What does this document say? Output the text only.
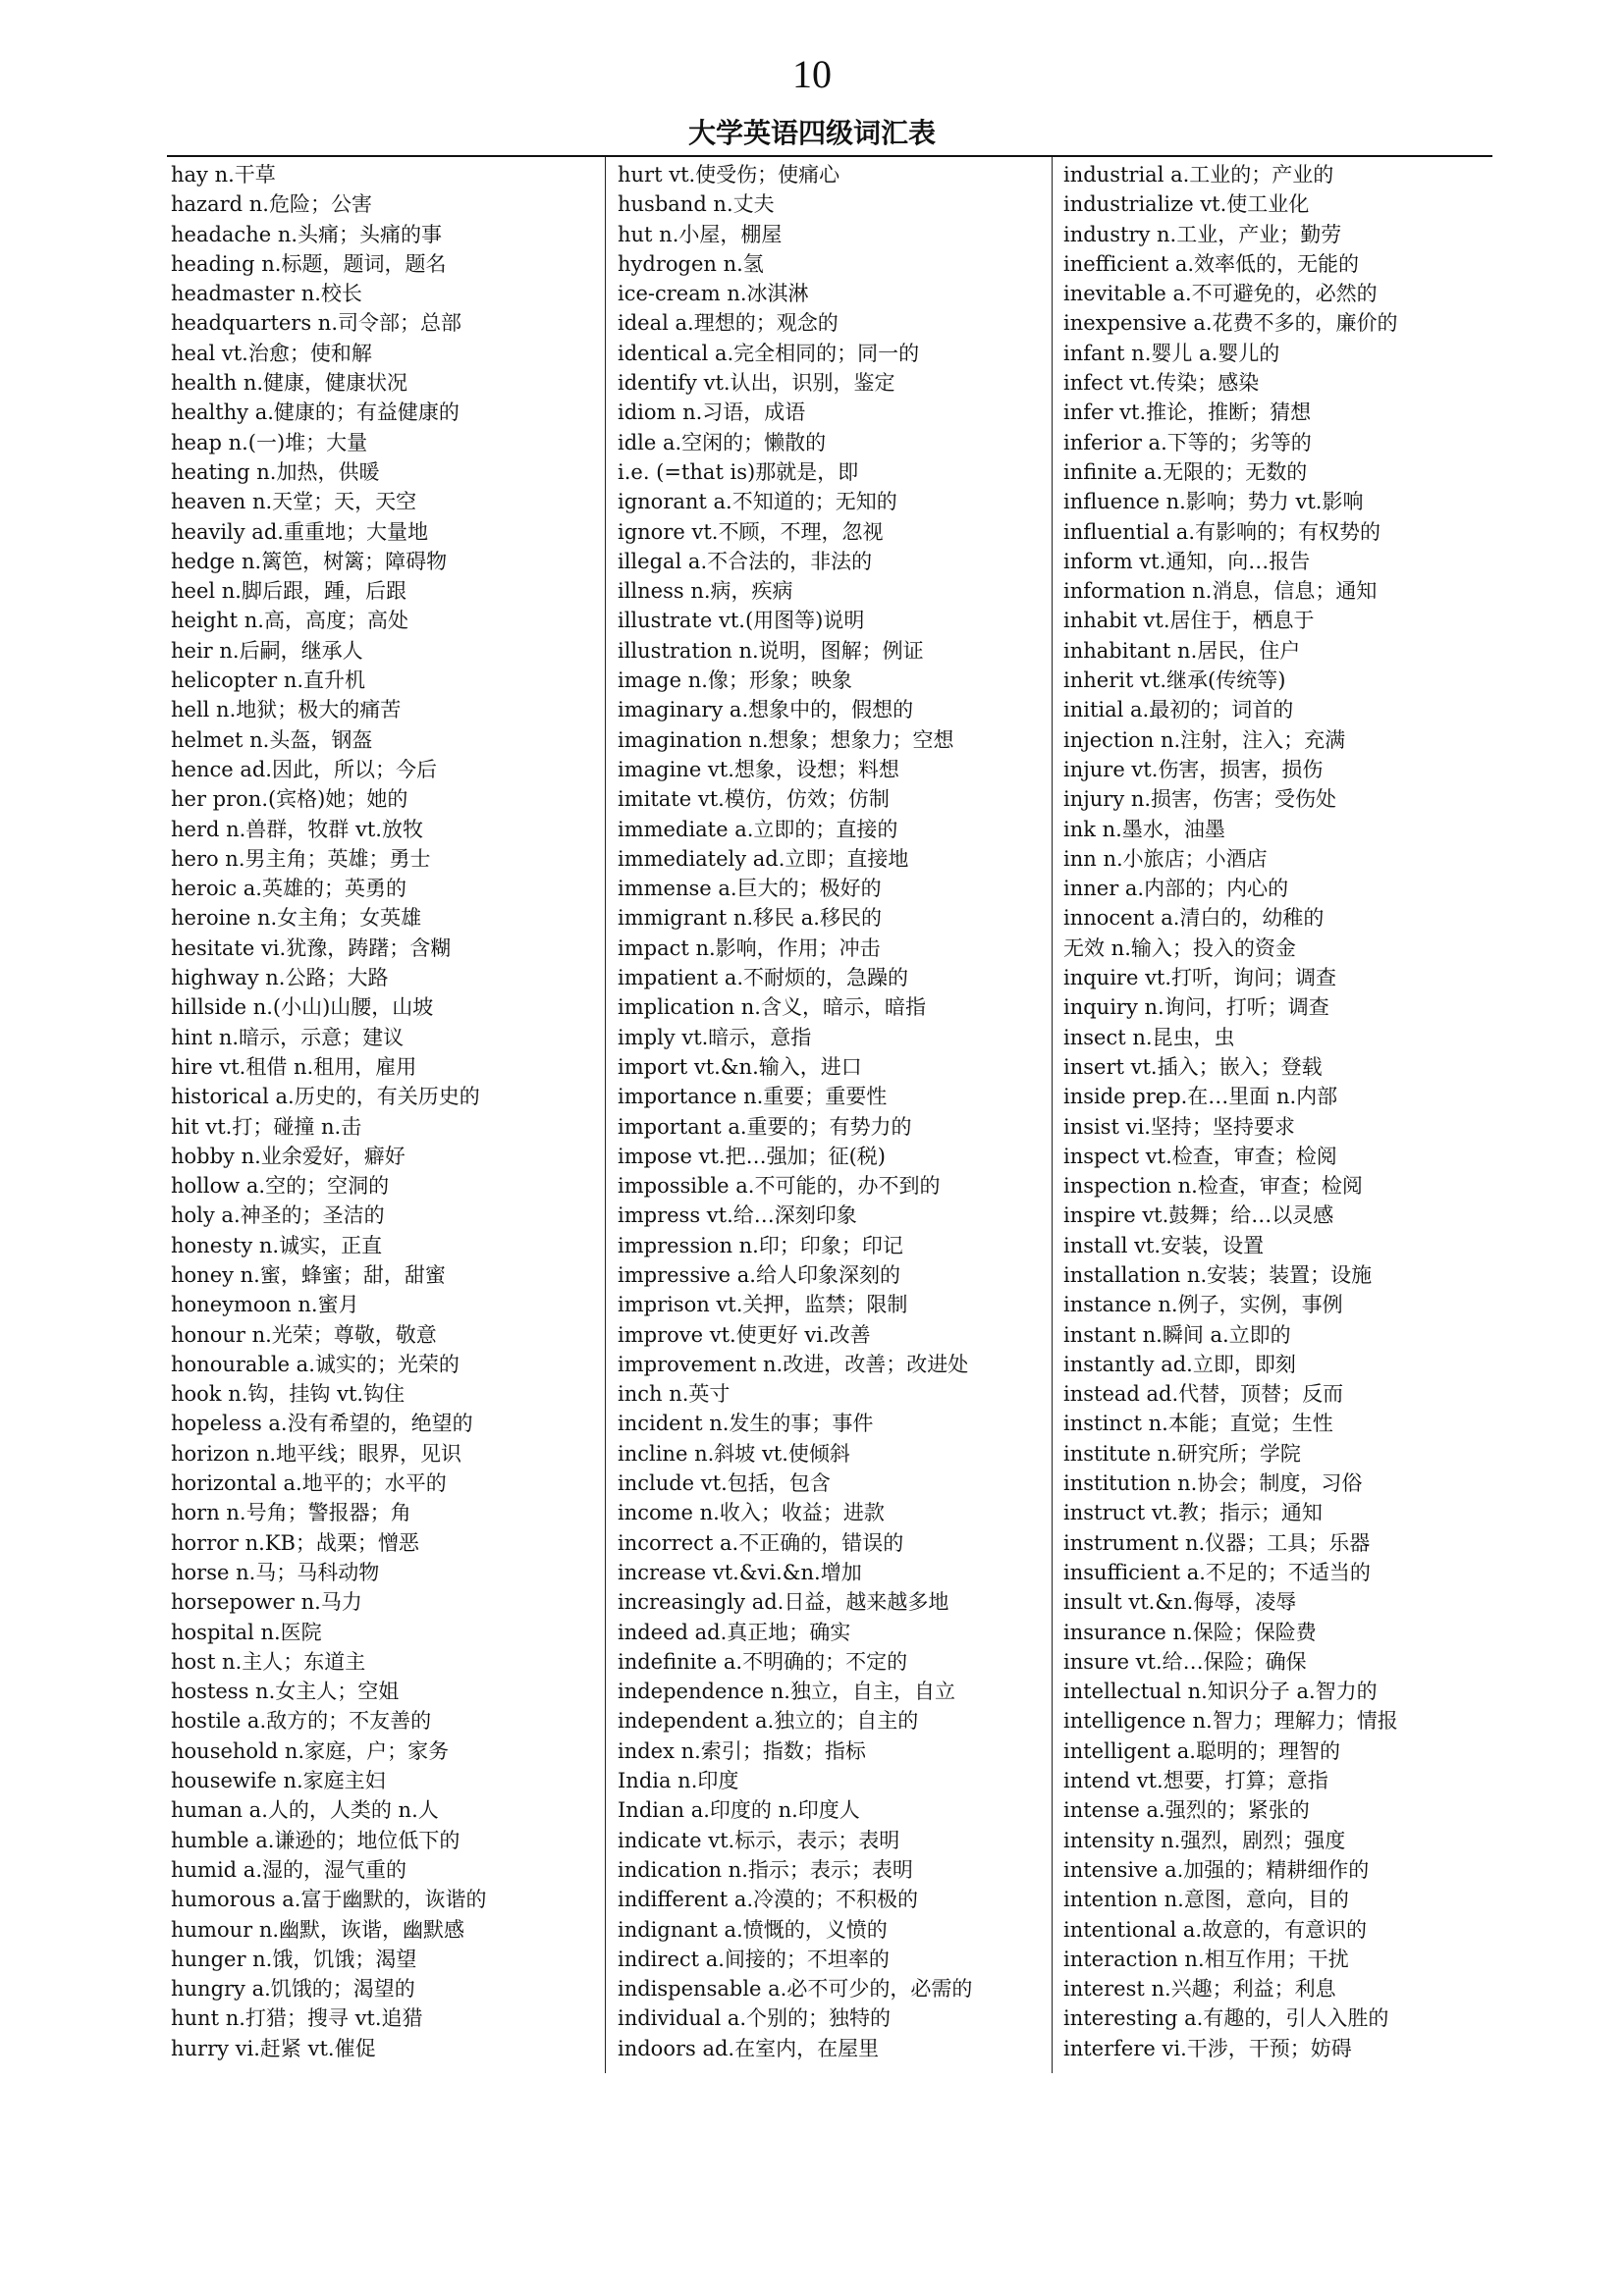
10
大学英语四级词汇表
hay n.干草
hazard n.危险；公害
headache n.头痛；头痛的事
heading n.标题，题词，题名
headmaster n.校长
headquarters n.司令部；总部
heal vt.治愈；使和解
health n.健康，健康状况
healthy a.健康的；有益健康的
heap n.(一)堆；大量
heating n.加热，供暖
heaven n.天堂；天，天空
heavily ad.重重地；大量地
hedge n.篱笆，树篱；障碍物
heel n.脚后跟，踵，后跟
height n.高，高度；高处
heir n.后嗣，继承人
helicopter n.直升机
hell n.地狱；极大的痛苦
helmet n.头盔，钢盔
hence ad.因此，所以；今后
her pron.(宾格)她；她的
herd n.兽群，牧群 vt.放牧
hero n.男主角；英雄；勇士
heroic a.英雄的；英勇的
heroine n.女主角；女英雄
hesitate vi.犹豫，踌躇；含糊
highway n.公路；大路
hillside n.(小山)山腰，山坡
hint n.暗示，示意；建议
hire vt.租借 n.租用，雇用
historical a.历史的，有关历史的
hit vt.打；碰撞 n.击
hobby n.业余爱好，癖好
hollow a.空的；空洞的
holy a.神圣的；圣洁的
honesty n.诚实，正直
honey n.蜜，蜂蜜；甜，甜蜜
honeymoon n.蜜月
honour n.光荣；尊敬，敬意
honourable a.诚实的；光荣的
hook n.钩，挂钩 vt.钩住
hopeless a.没有希望的，绝望的
horizon n.地平线；眼界，见识
horizontal a.地平的；水平的
horn n.号角；警报器；角
horror n.KB；战栗；憎恶
horse n.马；马科动物
horsepower n.马力
hospital n.医院
host n.主人；东道主
hostess n.女主人；空姐
hostile a.敌方的；不友善的
household n.家庭，户；家务
housewife n.家庭主妇
human a.人的，人类的 n.人
humble a.谦逊的；地位低下的
humid a.湿的，湿气重的
humorous a.富于幽默的，诙谐的
humour n.幽默，诙谐，幽默感
hunger n.饿，饥饿；渴望
hungry a.饥饿的；渴望的
hunt n.打猎；搜寻 vt.追猎
hurry vi.赶紧 vt.催促
hurt vt.使受伤；使痛心
husband n.丈夫
hut n.小屋，棚屋
hydrogen n.氢
ice-cream n.冰淇淋
ideal a.理想的；观念的
identical a.完全相同的；同一的
identify vt.认出，识别，鉴定
idiom n.习语，成语
idle a.空闲的；懒散的
i.e. (=that is)那就是，即
ignorant a.不知道的；无知的
ignore vt.不顾，不理，忽视
illegal a.不合法的，非法的
illness n.病，疾病
illustrate vt.(用图等)说明
illustration n.说明，图解；例证
image n.像；形象；映象
imaginary a.想象中的，假想的
imagination n.想象；想象力；空想
imagine vt.想象，设想；料想
imitate vt.模仿，仿效；仿制
immediate a.立即的；直接的
immediately ad.立即；直接地
immense a.巨大的；极好的
immigrant n.移民 a.移民的
impact n.影响，作用；冲击
impatient a.不耐烦的，急躁的
implication n.含义，暗示，暗指
imply vt.暗示，意指
import vt.&n.输入，进口
importance n.重要；重要性
important a.重要的；有势力的
impose vt.把…强加；征(税)
impossible a.不可能的，办不到的
impress vt.给…深刻印象
impression n.印；印象；印记
impressive a.给人印象深刻的
imprison vt.关押，监禁；限制
improve vt.使更好 vi.改善
improvement n.改进，改善；改进处
inch n.英寸
incident n.发生的事；事件
incline n.斜坡 vt.使倾斜
include vt.包括，包含
income n.收入；收益；进款
incorrect a.不正确的，错误的
increase vt.&vi.&n.增加
increasingly ad.日益，越来越多地
indeed ad.真正地；确实
indefinite a.不明确的；不定的
independence n.独立，自主，自立
independent a.独立的；自主的
index n.索引；指数；指标
India n.印度
Indian a.印度的 n.印度人
indicate vt.标示，表示；表明
indication n.指示；表示；表明
indifferent a.冷漠的；不积极的
indignant a.愤慨的，义愤的
indirect a.间接的；不坦率的
indispensable a.必不可少的，必需的
individual a.个别的；独特的
indoors ad.在室内，在屋里
industrial a.工业的；产业的
industrialize vt.使工业化
industry n.工业，产业；勤劳
inefficient a.效率低的，无能的
inevitable a.不可避免的，必然的
inexpensive a.花费不多的，廉价的
infant n.婴儿 a.婴儿的
infect vt.传染；感染
infer vt.推论，推断；猜想
inferior a.下等的；劣等的
infinite a.无限的；无数的
influence n.影响；势力 vt.影响
influential a.有影响的；有权势的
inform vt.通知，向…报告
information n.消息，信息；通知
inhabit vt.居住于，栖息于
inhabitant n.居民，住户
inherit vt.继承(传统等)
initial a.最初的；词首的
injection n.注射，注入；充满
injure vt.伤害，损害，损伤
injury n.损害，伤害；受伤处
ink n.墨水，油墨
inn n.小旅店；小酒店
inner a.内部的；内心的
innocent a.清白的，幼稚的
无效 n.输入；投入的资金
inquire vt.打听，询问；调查
inquiry n.询问，打听；调查
insect n.昆虫，虫
insert vt.插入；嵌入；登载
inside prep.在…里面 n.内部
insist vi.坚持；坚持要求
inspect vt.检查，审查；检阅
inspection n.检查，审查；检阅
inspire vt.鼓舞；给…以灵感
install vt.安装，设置
installation n.安装；装置；设施
instance n.例子，实例，事例
instant n.瞬间 a.立即的
instantly ad.立即，即刻
instead ad.代替，顶替；反而
instinct n.本能；直觉；生性
institute n.研究所；学院
institution n.协会；制度，习俗
instruct vt.教；指示；通知
instrument n.仪器；工具；乐器
insufficient a.不足的；不适当的
insult vt.&n.侮辱，凌辱
insurance n.保险；保险费
insure vt.给…保险；确保
intellectual n.知识分子 a.智力的
intelligence n.智力；理解力；情报
intelligent a.聪明的；理智的
intend vt.想要，打算；意指
intense a.强烈的；紧张的
intensity n.强烈，剧烈；强度
intensive a.加强的；精耕细作的
intention n.意图，意向，目的
intentional a.故意的，有意识的
interaction n.相互作用；干扰
interest n.兴趣；利益；利息
interesting a.有趣的，引人入胜的
interfere vi.干涉，干预；妨碍
